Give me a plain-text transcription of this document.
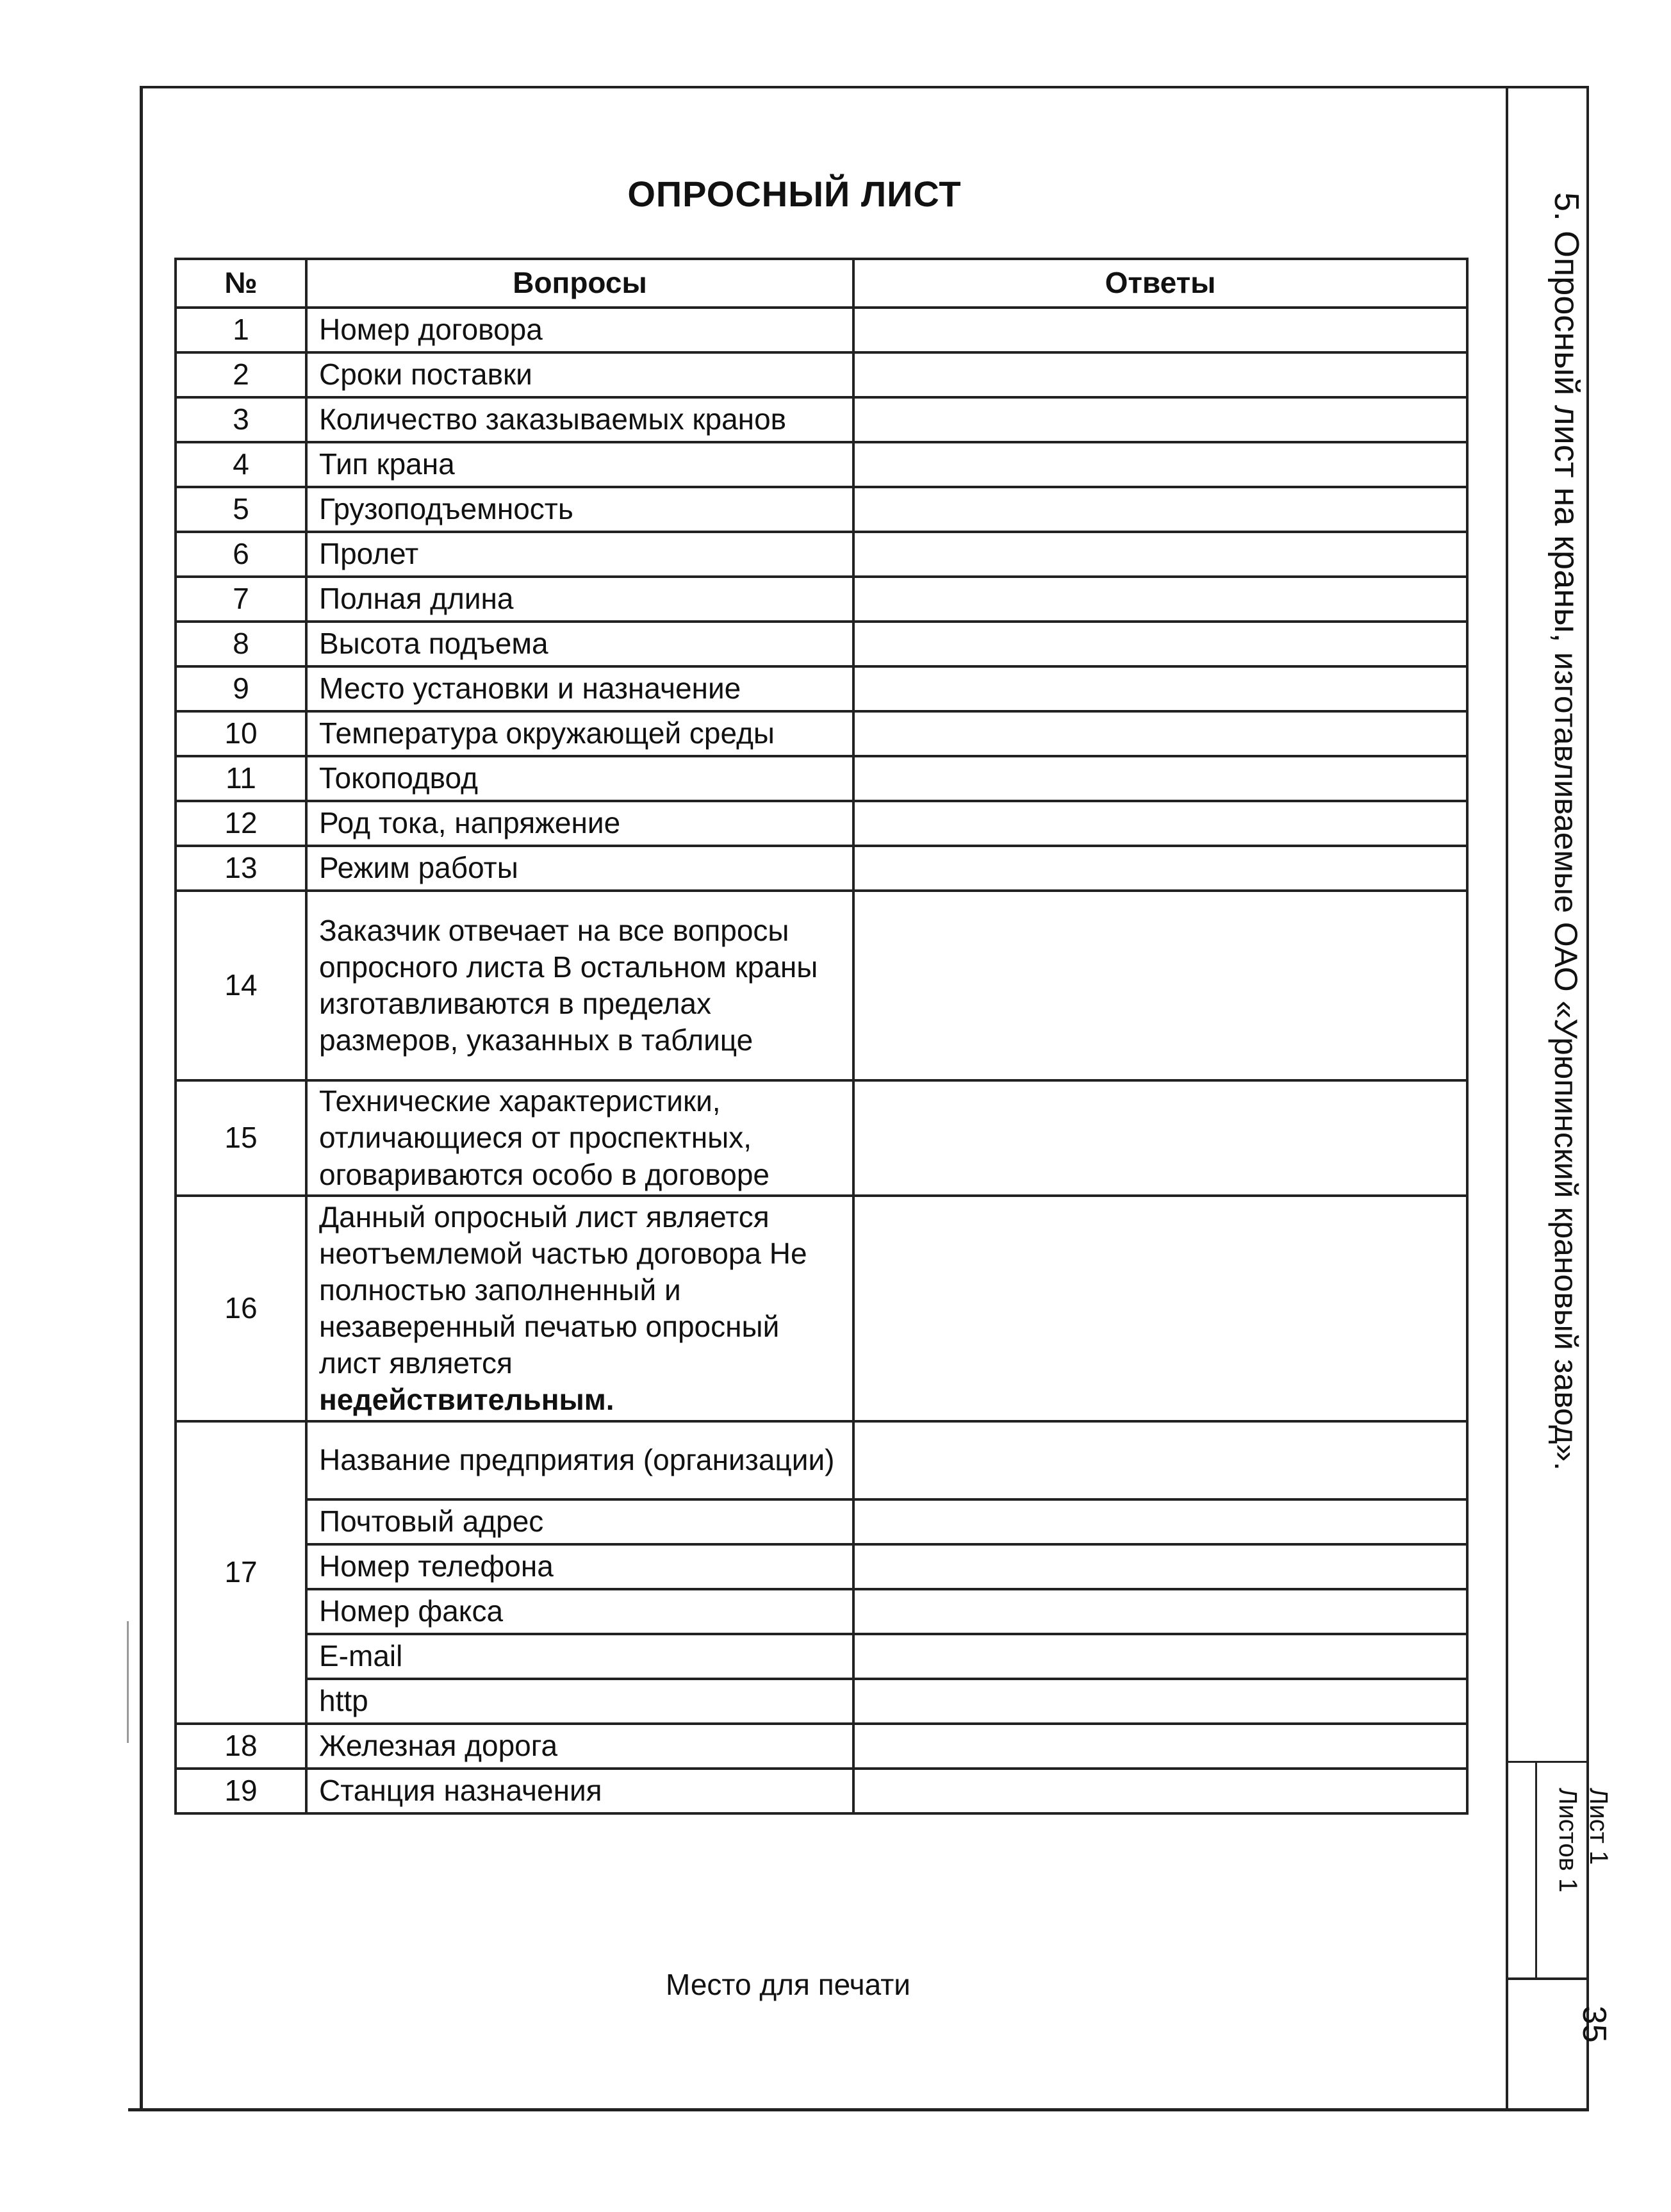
ОПРОСНЫЙ ЛИСТ
№	Вопросы	Ответы
1	Номер договора	
2	Сроки поставки	
3	Количество заказываемых кранов	
4	Тип крана	
5	Грузоподъемность	
6	Пролет	
7	Полная длина	
8	Высота подъема	
9	Место установки и назначение	
10	Температура окружающей среды	
11	Токоподвод	
12	Род тока, напряжение	
13	Режим работы	
14	Заказчик отвечает на все вопросы опросного листа В остальном краны изготавливаются в пределах размеров, указанных в таблице	
15	Технические характеристики, отличающиеся от проспектных, оговариваются особо в договоре	
16	Данный опросный лист является неотъемлемой частью договора Не полностью заполненный и незаверенный печатью опросный лист является
недействительным.	

17	Название предприятия (организации)	
	Почтовый адрес	
	Номер телефона	
	Номер факса	
	E-mail	
	http	
18	Железная дорога	
19	Станция назначения	
Место для печати
5. Опросный лист на краны, изготавливаемые ОАО «Урюпинский крановый завод».
Лист 1
Листов 1
35
